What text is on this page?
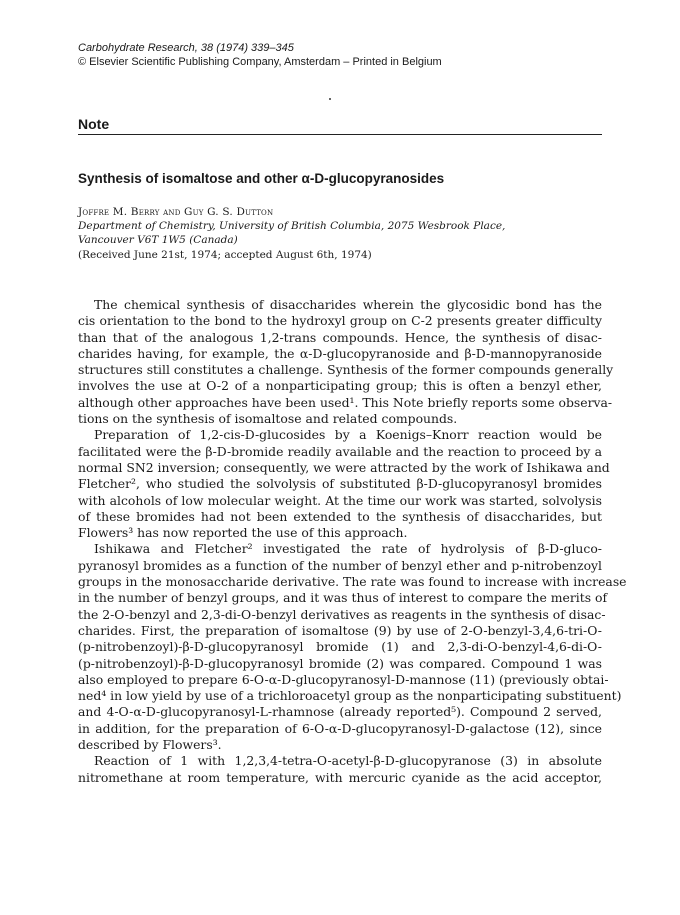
Carbohydrate Research, 38 (1974) 339–345
© Elsevier Scientific Publishing Company, Amsterdam – Printed in Belgium
Note
Synthesis of isomaltose and other α-D-glucopyranosides
Joffre M. Berry and Guy G. S. Dutton
Department of Chemistry, University of British Columbia, 2075 Wesbrook Place,
Vancouver V6T 1W5 (Canada)
(Received June 21st, 1974; accepted August 6th, 1974)
The chemical synthesis of disaccharides wherein the glycosidic bond has the
cis orientation to the bond to the hydroxyl group on C-2 presents greater difficulty
than that of the analogous 1,2-trans compounds. Hence, the synthesis of disac-
charides having, for example, the α-D-glucopyranoside and β-D-mannopyranoside
structures still constitutes a challenge. Synthesis of the former compounds generally
involves the use at O-2 of a nonparticipating group; this is often a benzyl ether,
although other approaches have been used¹. This Note briefly reports some observa-
tions on the synthesis of isomaltose and related compounds.
Preparation of 1,2-cis-D-glucosides by a Koenigs–Knorr reaction would be
facilitated were the β-D-bromide readily available and the reaction to proceed by a
normal SN2 inversion; consequently, we were attracted by the work of Ishikawa and
Fletcher², who studied the solvolysis of substituted β-D-glucopyranosyl bromides
with alcohols of low molecular weight. At the time our work was started, solvolysis
of these bromides had not been extended to the synthesis of disaccharides, but
Flowers³ has now reported the use of this approach.
Ishikawa and Fletcher² investigated the rate of hydrolysis of β-D-gluco-
pyranosyl bromides as a function of the number of benzyl ether and p-nitrobenzoyl
groups in the monosaccharide derivative. The rate was found to increase with increase
in the number of benzyl groups, and it was thus of interest to compare the merits of
the 2-O-benzyl and 2,3-di-O-benzyl derivatives as reagents in the synthesis of disac-
charides. First, the preparation of isomaltose (9) by use of 2-O-benzyl-3,4,6-tri-O-
(p-nitrobenzoyl)-β-D-glucopyranosyl bromide (1) and 2,3-di-O-benzyl-4,6-di-O-
(p-nitrobenzoyl)-β-D-glucopyranosyl bromide (2) was compared. Compound 1 was
also employed to prepare 6-O-α-D-glucopyranosyl-D-mannose (11) (previously obtai-
ned⁴ in low yield by use of a trichloroacetyl group as the nonparticipating substituent)
and 4-O-α-D-glucopyranosyl-L-rhamnose (already reported⁵). Compound 2 served,
in addition, for the preparation of 6-O-α-D-glucopyranosyl-D-galactose (12), since
described by Flowers³.
Reaction of 1 with 1,2,3,4-tetra-O-acetyl-β-D-glucopyranose (3) in absolute
nitromethane at room temperature, with mercuric cyanide as the acid acceptor,
